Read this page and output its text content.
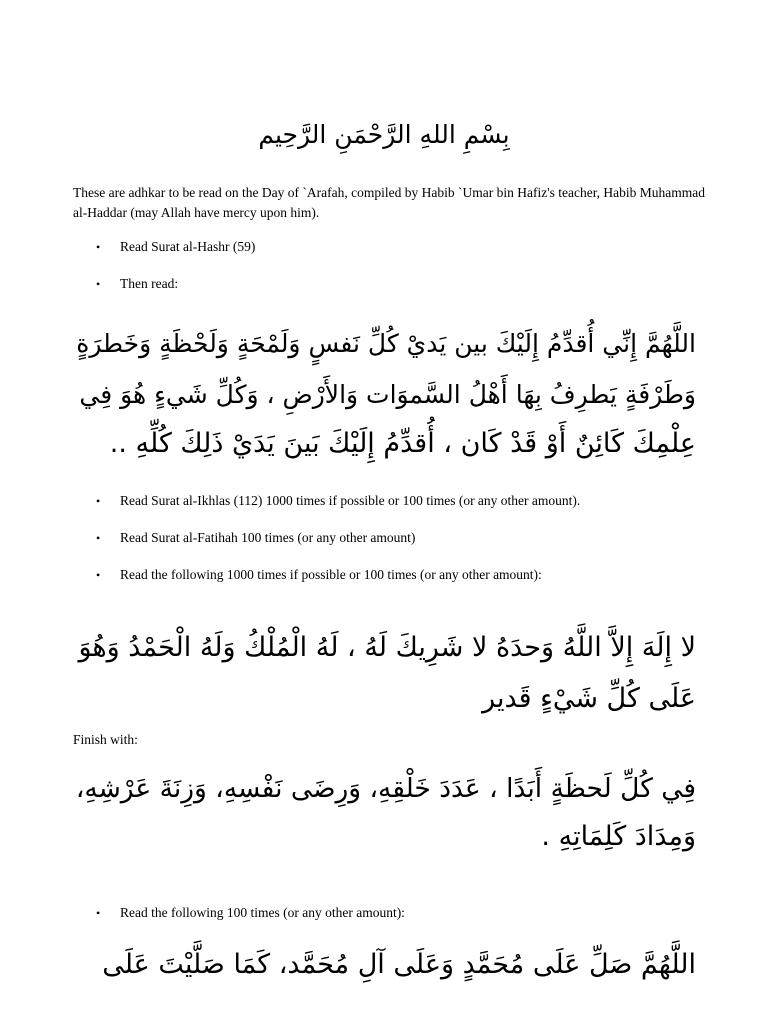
بِسْمِ اللهِ الرَّحْمَنِ الرَّحِيم
These are adhkar to be read on the Day of `Arafah, compiled by Habib `Umar bin Hafiz's teacher, Habib Muhammad al-Haddar (may Allah have mercy upon him).
• Read Surat al-Hashr (59)
• Then read:
اللَّهُمَّ إِنِّي أُقدِّمُ إِلَيْكَ بين يَديْ كُلِّ نَفسٍ وَلَمْحَةٍ وَلَحْظَةٍ وَخَطرَةٍ
وَطَرْفَةٍ يَطرِفُ بِهَا أَهْلُ السَّموَات وَالأَرْضِ ، وَكُلِّ شَيءٍ هُوَ فِي
عِلْمِكَ كَائِنٌ أَوْ قَدْ كَان ، أُقدِّمُ إِلَيْكَ بَينَ يَدَيْ ذَلِكَ كُلِّهِ ..
• Read Surat al-Ikhlas (112) 1000 times if possible or 100 times (or any other amount).
• Read Surat al-Fatihah 100 times (or any other amount)
• Read the following 1000 times if possible or 100 times (or any other amount):
لا إِلَهَ إِلاَّ اللَّهُ وَحدَهُ لا شَرِيكَ لَهُ ، لَهُ الْمُلْكُ وَلَهُ الْحَمْدُ وَهُوَ
عَلَى كُلِّ شَيْءٍ قَدير
Finish with:
فِي كُلِّ لَحظَةٍ أَبَدًا ، عَدَدَ خَلْقِهِ، وَرِضَى نَفْسِهِ، وَزِنَةَ عَرْشِهِ،
وَمِدَادَ كَلِمَاتِهِ .
• Read the following 100 times (or any other amount):
اللَّهُمَّ صَلِّ عَلَى مُحَمَّدٍ وَعَلَى آلِ مُحَمَّد، كَمَا صَلَّيْتَ عَلَى
